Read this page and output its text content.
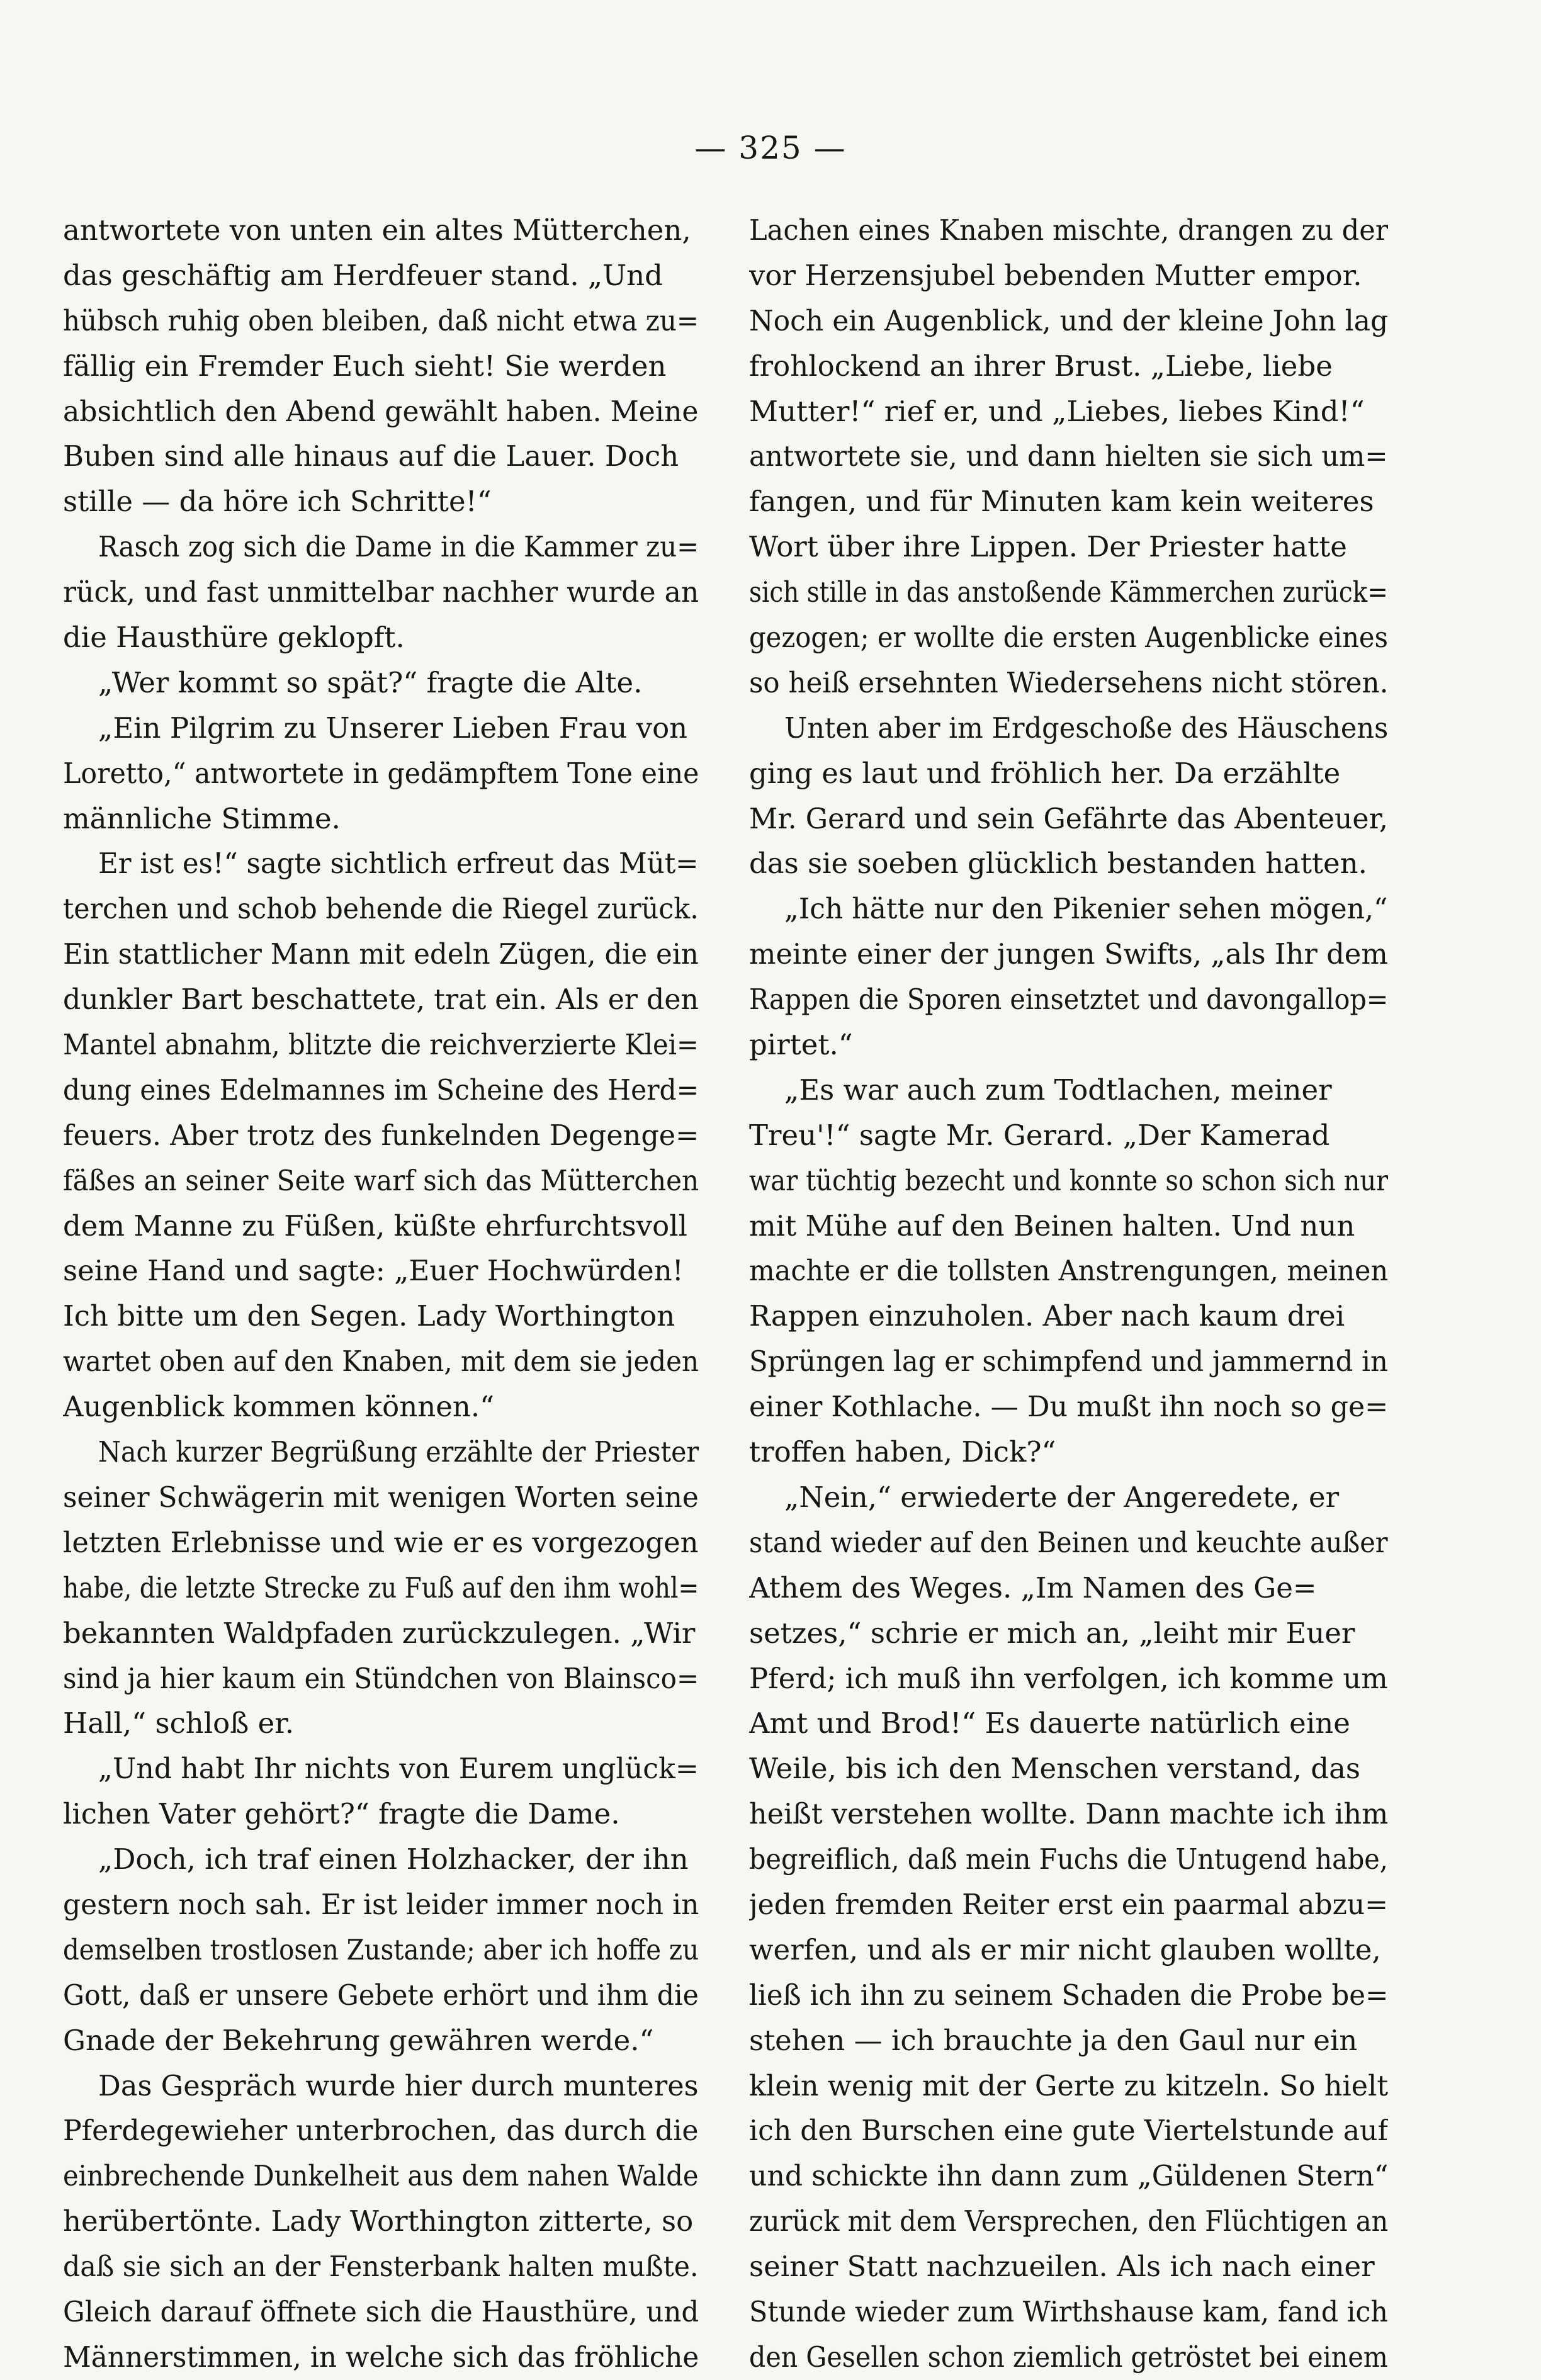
— 325 —
antwortete von unten ein altes Mütterchen,
das geschäftig am Herdfeuer stand. „Und
hübsch ruhig oben bleiben, daß nicht etwa zu=
fällig ein Fremder Euch sieht! Sie werden
absichtlich den Abend gewählt haben. Meine
Buben sind alle hinaus auf die Lauer. Doch
stille — da höre ich Schritte!“
Rasch zog sich die Dame in die Kammer zu=
rück, und fast unmittelbar nachher wurde an
die Hausthüre geklopft.
„Wer kommt so spät?“ fragte die Alte.
„Ein Pilgrim zu Unserer Lieben Frau von
Loretto,“ antwortete in gedämpftem Tone eine
männliche Stimme.
Er ist es!“ sagte sichtlich erfreut das Müt=
terchen und schob behende die Riegel zurück.
Ein stattlicher Mann mit edeln Zügen, die ein
dunkler Bart beschattete, trat ein. Als er den
Mantel abnahm, blitzte die reichverzierte Klei=
dung eines Edelmannes im Scheine des Herd=
feuers. Aber trotz des funkelnden Degenge=
fäßes an seiner Seite warf sich das Mütterchen
dem Manne zu Füßen, küßte ehrfurchtsvoll
seine Hand und sagte: „Euer Hochwürden!
Ich bitte um den Segen. Lady Worthington
wartet oben auf den Knaben, mit dem sie jeden
Augenblick kommen können.“
Nach kurzer Begrüßung erzählte der Priester
seiner Schwägerin mit wenigen Worten seine
letzten Erlebnisse und wie er es vorgezogen
habe, die letzte Strecke zu Fuß auf den ihm wohl=
bekannten Waldpfaden zurückzulegen. „Wir
sind ja hier kaum ein Stündchen von Blainsco=
Hall,“ schloß er.
„Und habt Ihr nichts von Eurem unglück=
lichen Vater gehört?“ fragte die Dame.
„Doch, ich traf einen Holzhacker, der ihn
gestern noch sah. Er ist leider immer noch in
demselben trostlosen Zustande; aber ich hoffe zu
Gott, daß er unsere Gebete erhört und ihm die
Gnade der Bekehrung gewähren werde.“
Das Gespräch wurde hier durch munteres
Pferdegewieher unterbrochen, das durch die
einbrechende Dunkelheit aus dem nahen Walde
herübertönte. Lady Worthington zitterte, so
daß sie sich an der Fensterbank halten mußte.
Gleich darauf öffnete sich die Hausthüre, und
Männerstimmen, in welche sich das fröhliche
Lachen eines Knaben mischte, drangen zu der
vor Herzensjubel bebenden Mutter empor.
Noch ein Augenblick, und der kleine John lag
frohlockend an ihrer Brust. „Liebe, liebe
Mutter!“ rief er, und „Liebes, liebes Kind!“
antwortete sie, und dann hielten sie sich um=
fangen, und für Minuten kam kein weiteres
Wort über ihre Lippen. Der Priester hatte
sich stille in das anstoßende Kämmerchen zurück=
gezogen; er wollte die ersten Augenblicke eines
so heiß ersehnten Wiedersehens nicht stören.
Unten aber im Erdgeschoße des Häuschens
ging es laut und fröhlich her. Da erzählte
Mr. Gerard und sein Gefährte das Abenteuer,
das sie soeben glücklich bestanden hatten.
„Ich hätte nur den Pikenier sehen mögen,“
meinte einer der jungen Swifts, „als Ihr dem
Rappen die Sporen einsetztet und davongallop=
pirtet.“
„Es war auch zum Todtlachen, meiner
Treu'!“ sagte Mr. Gerard. „Der Kamerad
war tüchtig bezecht und konnte so schon sich nur
mit Mühe auf den Beinen halten. Und nun
machte er die tollsten Anstrengungen, meinen
Rappen einzuholen. Aber nach kaum drei
Sprüngen lag er schimpfend und jammernd in
einer Kothlache. — Du mußt ihn noch so ge=
troffen haben, Dick?“
„Nein,“ erwiederte der Angeredete, er
stand wieder auf den Beinen und keuchte außer
Athem des Weges. „Im Namen des Ge=
setzes,“ schrie er mich an, „leiht mir Euer
Pferd; ich muß ihn verfolgen, ich komme um
Amt und Brod!“ Es dauerte natürlich eine
Weile, bis ich den Menschen verstand, das
heißt verstehen wollte. Dann machte ich ihm
begreiflich, daß mein Fuchs die Untugend habe,
jeden fremden Reiter erst ein paarmal abzu=
werfen, und als er mir nicht glauben wollte,
ließ ich ihn zu seinem Schaden die Probe be=
stehen — ich brauchte ja den Gaul nur ein
klein wenig mit der Gerte zu kitzeln. So hielt
ich den Burschen eine gute Viertelstunde auf
und schickte ihn dann zum „Güldenen Stern“
zurück mit dem Versprechen, den Flüchtigen an
seiner Statt nachzueilen. Als ich nach einer
Stunde wieder zum Wirthshause kam, fand ich
den Gesellen schon ziemlich getröstet bei einem
